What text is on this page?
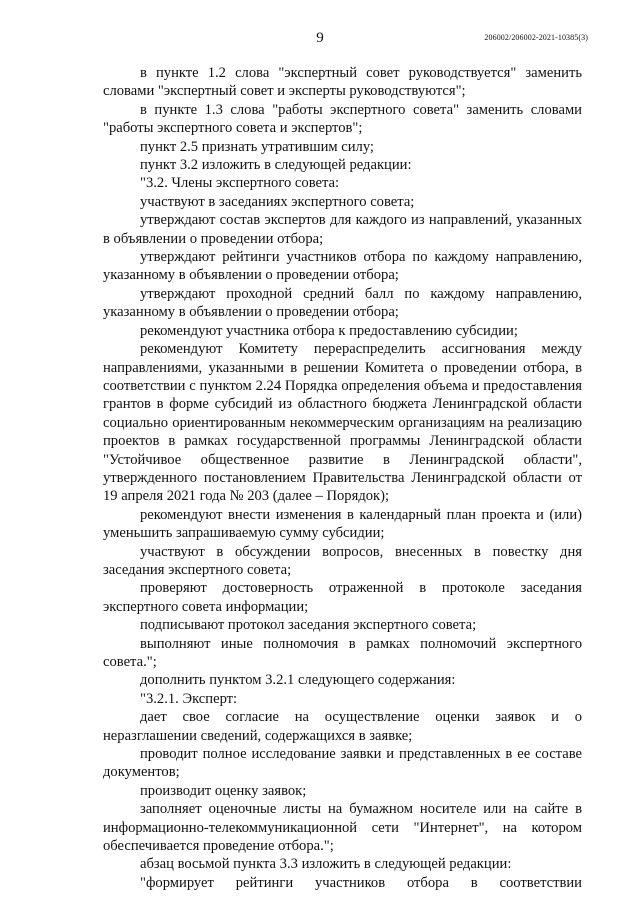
9	206002/206002-2021-10385(3)

в пункте 1.2 слова "экспертный совет руководствуется" заменить словами "экспертный совет и эксперты руководствуются";

в пункте 1.3 слова "работы экспертного совета" заменить словами "работы экспертного совета и экспертов";

пункт 2.5 признать утратившим силу;

пункт 3.2 изложить в следующей редакции:

"3.2. Члены экспертного совета:

участвуют в заседаниях экспертного совета;

утверждают состав экспертов для каждого из направлений, указанных в объявлении о проведении отбора;

утверждают рейтинги участников отбора по каждому направлению, указанному в объявлении о проведении отбора;

утверждают проходной средний балл по каждому направлению, указанному в объявлении о проведении отбора;

рекомендуют участника отбора к предоставлению субсидии;

рекомендуют Комитету перераспределить ассигнования между направлениями, указанными в решении Комитета о проведении отбора, в соответствии с пунктом 2.24 Порядка определения объема и предоставления грантов в форме субсидий из областного бюджета Ленинградской области социально ориентированным некоммерческим организациям на реализацию проектов в рамках государственной программы Ленинградской области "Устойчивое общественное развитие в Ленинградской области", утвержденного постановлением Правительства Ленинградской области от 19 апреля 2021 года № 203 (далее – Порядок);

рекомендуют внести изменения в календарный план проекта и (или) уменьшить запрашиваемую сумму субсидии;

участвуют в обсуждении вопросов, внесенных в повестку дня заседания экспертного совета;

проверяют достоверность отраженной в протоколе заседания экспертного совета информации;

подписывают протокол заседания экспертного совета;

выполняют иные полномочия в рамках полномочий экспертного совета.";

дополнить пунктом 3.2.1 следующего содержания:

"3.2.1. Эксперт:

дает свое согласие на осуществление оценки заявок и о неразглашении сведений, содержащихся в заявке;

проводит полное исследование заявки и представленных в ее составе документов;

производит оценку заявок;

заполняет оценочные листы на бумажном носителе или на сайте в информационно-телекоммуникационной сети "Интернет", на котором обеспечивается проведение отбора.";

абзац восьмой пункта 3.3 изложить в следующей редакции:

"формирует рейтинги участников отбора в соответствии
